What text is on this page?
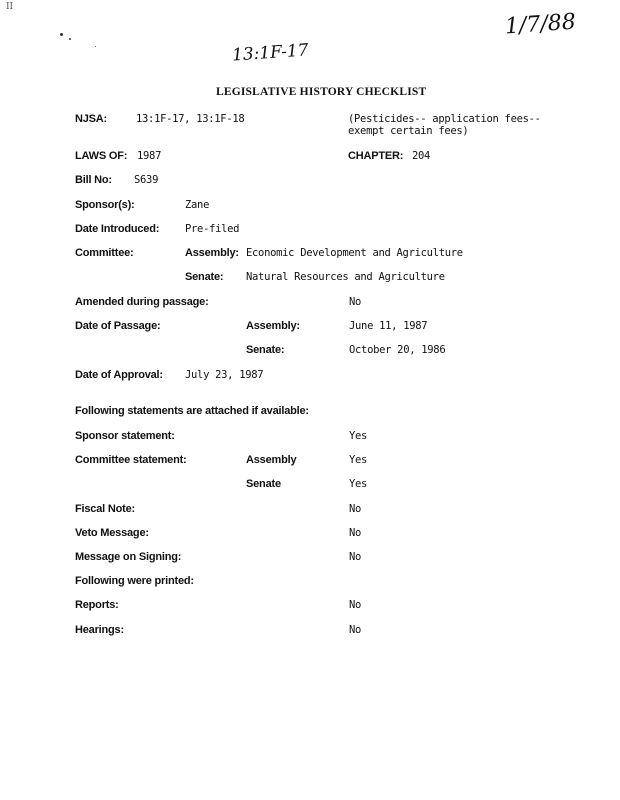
II
1/7/88
13:1F-17
LEGISLATIVE HISTORY CHECKLIST
NJSA:	13:1F-17, 13:1F-18	(Pesticides-- application fees--
exempt certain fees)
LAWS OF: 1987	CHAPTER: 204
Bill No: S639
Sponsor(s):	Zane
Date Introduced: Pre-filed
Committee:	Assembly: Economic Development and Agriculture
Senate: Natural Resources and Agriculture
Amended during passage:	No
Date of Passage:	Assembly:	June 11, 1987
Senate:	October 20, 1986
Date of Approval: July 23, 1987
Following statements are attached if available:
Sponsor statement:	Yes
Committee statement:	Assembly	Yes
Senate	Yes
Fiscal Note:	No
Veto Message:	No
Message on Signing:	No
Following were printed:
Reports:	No
Hearings:	No
